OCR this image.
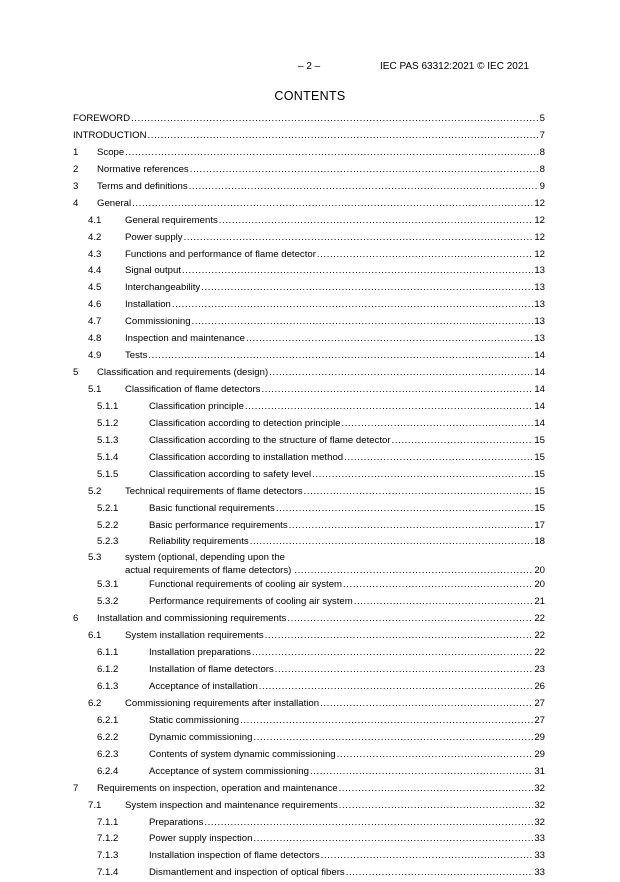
– 2 –	IEC PAS 63312:2021 © IEC 2021
CONTENTS
FOREWORD .....	5
INTRODUCTION .....	7
1 Scope .....	8
2 Normative references .....	8
3 Terms and definitions .....	9
4 General .....	12
4.1 General requirements .....	12
4.2 Power supply .....	12
4.3 Functions and performance of flame detector .....	12
4.4 Signal output .....	13
4.5 Interchangeability .....	13
4.6 Installation .....	13
4.7 Commissioning .....	13
4.8 Inspection and maintenance .....	13
4.9 Tests .....	14
5 Classification and requirements (design) .....	14
5.1 Classification of flame detectors .....	14
5.1.1	Classification principle .....	14
5.1.2	Classification according to detection principle .....	14
5.1.3	Classification according to the structure of flame detector .....	15
5.1.4	Classification according to installation method .....	15
5.1.5	Classification according to safety level .....	15
5.2 Technical requirements of flame detectors .....	15
5.2.1	Basic functional requirements .....	15
5.2.2	Basic performance requirements .....	17
5.2.3	Reliability requirements .....	18
5.3 system (optional, depending upon the actual requirements of flame detectors) .....	20
5.3.1	Functional requirements of cooling air system .....	20
5.3.2	Performance requirements of cooling air system .....	21
6 Installation and commissioning requirements .....	22
6.1 System installation requirements .....	22
6.1.1	Installation preparations .....	22
6.1.2	Installation of flame detectors .....	23
6.1.3	Acceptance of installation .....	26
6.2 Commissioning requirements after installation .....	27
6.2.1	Static commissioning .....	27
6.2.2	Dynamic commissioning .....	29
6.2.3	Contents of system dynamic commissioning .....	29
6.2.4	Acceptance of system commissioning .....	31
7 Requirements on inspection, operation and maintenance .....	32
7.1 System inspection and maintenance requirements .....	32
7.1.1	Preparations .....	32
7.1.2	Power supply inspection .....	33
7.1.3	Installation inspection of flame detectors .....	33
7.1.4	Dismantlement and inspection of optical fibers .....	33
